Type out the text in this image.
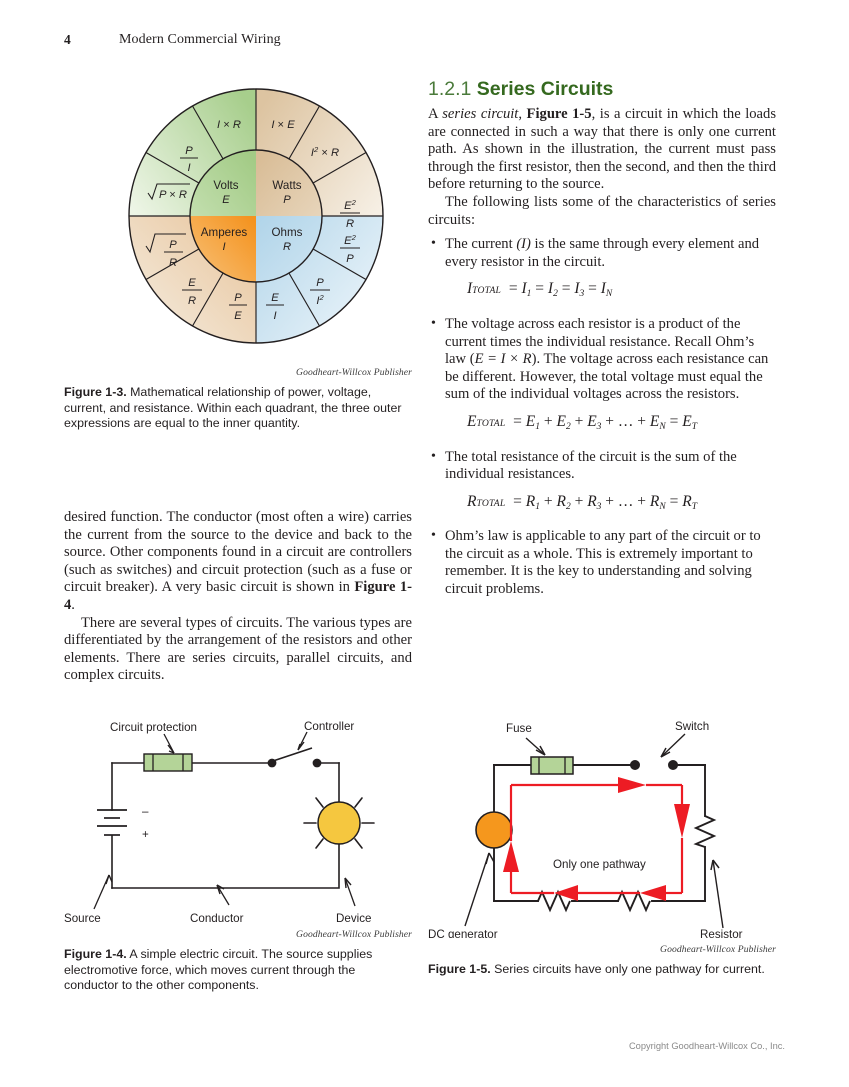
4	Modern Commercial Wiring
Volts
E
Watts
P
Ohms
R
Amperes
I
I × R
P
I
P × R
I × E
$I^2 \times R$
$E^2$
R
$E^2$
P
P
$I^2$
E
I
P
E
E
R
P
R
Goodheart-Willcox Publisher
Figure 1-3. Mathematical relationship of power, voltage, current, and resistance. Within each quadrant, the three outer expressions are equal to the inner quantity.

desired function. The conductor (most often a wire) carries the current from the source to the device and back to the source. Other components found in a circuit are controllers (such as switches) and circuit protection (such as a fuse or circuit breaker). A very basic circuit is shown in Figure 1-4.

There are several types of circuits. The various types are differentiated by the arrangement of the resistors and other elements. There are series circuits, parallel circuits, and complex circuits.

1.2.1 Series Circuits

A series circuit, Figure 1-5, is a circuit in which the loads are connected in such a way that there is only one current path. As shown in the illustration, the current must pass through the first resistor, then the second, and then the third before returning to the source.

The following lists some of the characteristics of series circuits:

• The current (I) is the same through every element and every resistor in the circuit.
ITOTAL = $I_1 = I_2 = I_3 = I_N$
• The voltage across each resistor is a product of the current times the individual resistance. Recall Ohm’s law (E = I × R). The voltage across each resistance can be different. However, the total voltage must equal the sum of the individual voltages across the resistors.
ETOTAL = $E_1 + E_2 + E_3$ + … + $E_N = E_T$
• The total resistance of the circuit is the sum of the individual resistances.
RTOTAL = $R_1 + R_2 + R_3$ + … + $R_N = R_T$
• Ohm’s law is applicable to any part of the circuit or to the circuit as a whole. This is extremely important to remember. It is the key to understanding and solving circuit problems.
–
+
Circuit protection	Controller
Source	Conductor	Device
Goodheart-Willcox Publisher
Figure 1-4. A simple electric circuit. The source supplies electromotive force, which moves current through the conductor to the other components.
Only one pathway
Fuse	Switch
DC generator	Resistor
Goodheart-Willcox Publisher
Figure 1-5. Series circuits have only one pathway for current.
Copyright Goodheart-Willcox Co., Inc.
